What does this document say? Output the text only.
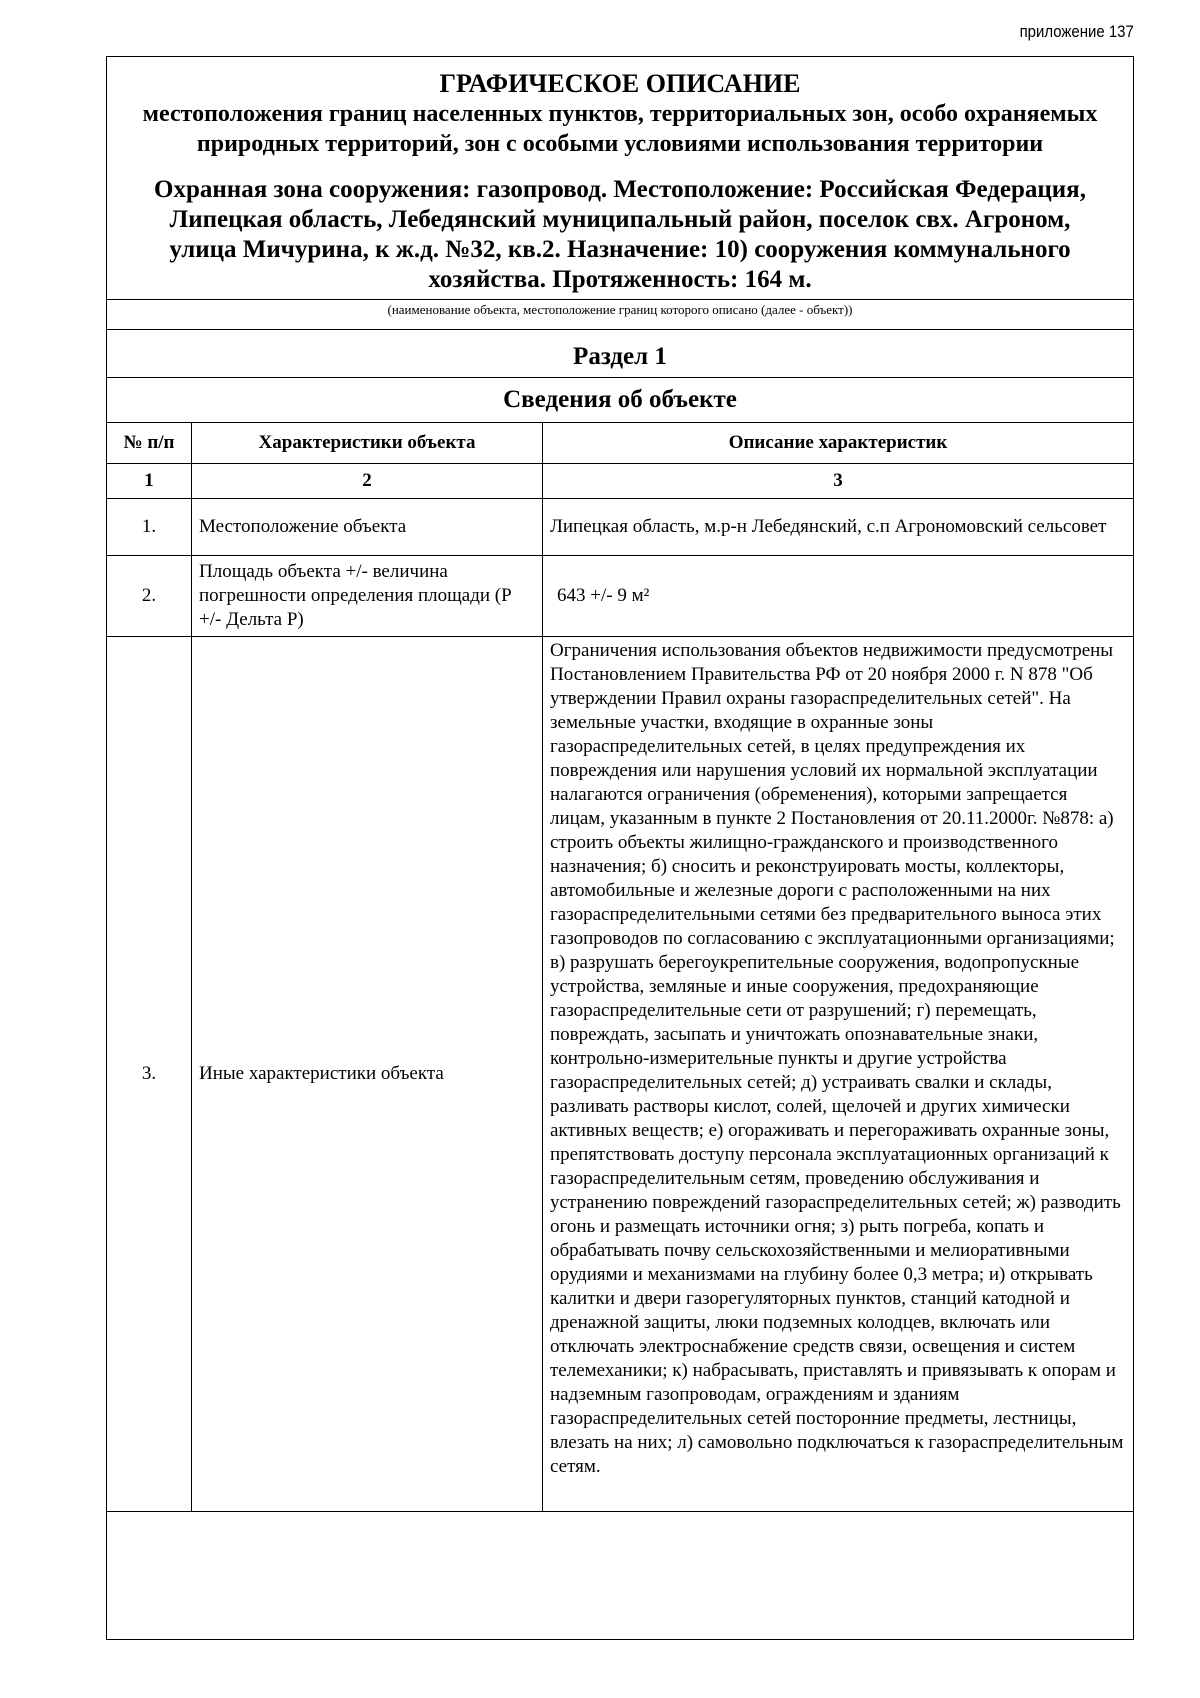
приложение 137
ГРАФИЧЕСКОЕ ОПИСАНИЕ
местоположения границ населенных пунктов, территориальных зон, особо охраняемых природных территорий, зон с особыми условиями использования территории
Охранная зона сооружения: газопровод. Местоположение: Российская Федерация, Липецкая область, Лебедянский муниципальный район, поселок свх. Агроном, улица Мичурина, к ж.д. №32, кв.2. Назначение: 10) сооружения коммунального хозяйства. Протяженность: 164 м.
(наименование объекта, местоположение границ которого описано (далее - объект))
Раздел 1
Сведения об объекте
№ п/п	Характеристики объекта	Описание характеристик
1	2	3
1.	Местоположение объекта	Липецкая область, м.р-н Лебедянский, с.п Агрономовский сельсовет
2.	Площадь объекта +/- величина погрешности определения площади (P +/- Дельта P)	643 +/- 9 м²
3.	Иные характеристики объекта	Ограничения использования объектов недвижимости предусмотрены Постановлением Правительства РФ от 20 ноября 2000 г. N 878 "Об утверждении Правил охраны газораспределительных сетей". На земельные участки, входящие в охранные зоны газораспределительных сетей, в целях предупреждения их повреждения или нарушения условий их нормальной эксплуатации налагаются ограничения (обременения), которыми запрещается лицам, указанным в пункте 2 Постановления от 20.11.2000г. №878: а) строить объекты жилищно-гражданского и производственного назначения; б) сносить и реконструировать мосты, коллекторы, автомобильные и железные дороги с расположенными на них газораспределительными сетями без предварительного выноса этих газопроводов по согласованию с эксплуатационными организациями; в) разрушать берегоукрепительные сооружения, водопропускные устройства, земляные и иные сооружения, предохраняющие газораспределительные сети от разрушений; г) перемещать, повреждать, засыпать и уничтожать опознавательные знаки, контрольно-измерительные пункты и другие устройства газораспределительных сетей; д) устраивать свалки и склады, разливать растворы кислот, солей, щелочей и других химически активных веществ; е) огораживать и перегораживать охранные зоны, препятствовать доступу персонала эксплуатационных организаций к газораспределительным сетям, проведению обслуживания и устранению повреждений газораспределительных сетей; ж) разводить огонь и размещать источники огня; з) рыть погреба, копать и обрабатывать почву сельскохозяйственными и мелиоративными орудиями и механизмами на глубину более 0,3 метра; и) открывать калитки и двери газорегуляторных пунктов, станций катодной и дренажной защиты, люки подземных колодцев, включать или отключать электроснабжение средств связи, освещения и систем телемеханики; к) набрасывать, приставлять и привязывать к опорам и надземным газопроводам, ограждениям и зданиям газораспределительных сетей посторонние предметы, лестницы, влезать на них; л) самовольно подключаться к газораспределительным сетям.
